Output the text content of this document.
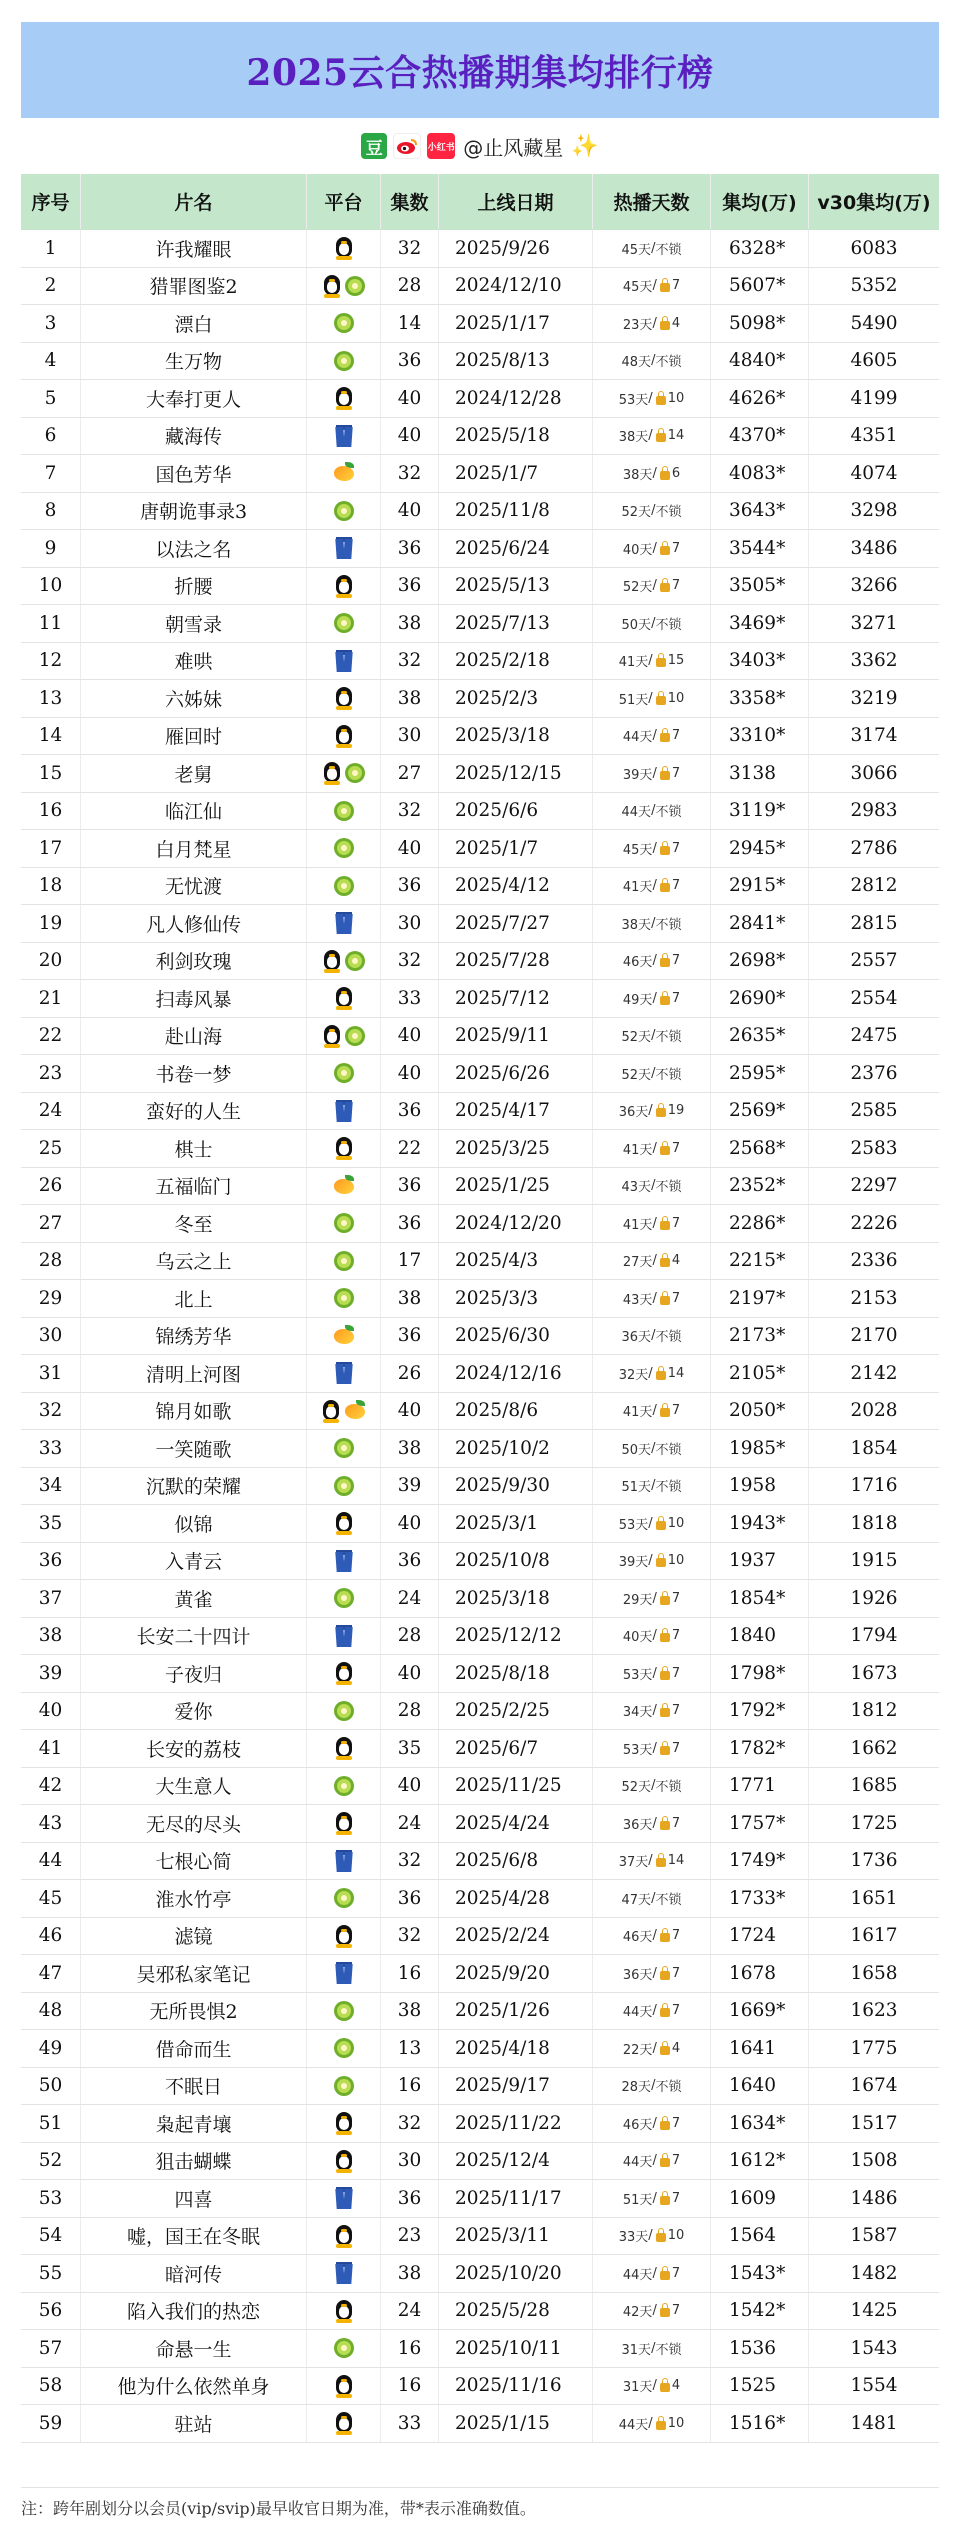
2025云合热播期集均排行榜
豆	小红书 @止风藏星 ✨
序号	片名	平台	集数	上线日期	热播天数	集均(万)	v30集均(万)
1	许我耀眼	32	2025/9/26	45天 / 不锁	6328*	6083
2	猎罪图鉴2	28	2024/12/10	45天 / 7	5607*	5352
3	漂白	14	2025/1/17	23天 / 4	5098*	5490
4	生万物	36	2025/8/13	48天 / 不锁	4840*	4605
5	大奉打更人	40	2024/12/28	53天 / 10	4626*	4199
6	藏海传	40	2025/5/18	38天 / 14	4370*	4351
7	国色芳华	32	2025/1/7	38天 / 6	4083*	4074
8	唐朝诡事录3	40	2025/11/8	52天 / 不锁	3643*	3298
9	以法之名	36	2025/6/24	40天 / 7	3544*	3486
10	折腰	36	2025/5/13	52天 / 7	3505*	3266
11	朝雪录	38	2025/7/13	50天 / 不锁	3469*	3271
12	难哄	32	2025/2/18	41天 / 15	3403*	3362
13	六姊妹	38	2025/2/3	51天 / 10	3358*	3219
14	雁回时	30	2025/3/18	44天 / 7	3310*	3174
15	老舅	27	2025/12/15	39天 / 7	3138	3066
16	临江仙	32	2025/6/6	44天 / 不锁	3119*	2983
17	白月梵星	40	2025/1/7	45天 / 7	2945*	2786
18	无忧渡	36	2025/4/12	41天 / 7	2915*	2812
19	凡人修仙传	30	2025/7/27	38天 / 不锁	2841*	2815
20	利剑玫瑰	32	2025/7/28	46天 / 7	2698*	2557
21	扫毒风暴	33	2025/7/12	49天 / 7	2690*	2554
22	赴山海	40	2025/9/11	52天 / 不锁	2635*	2475
23	书卷一梦	40	2025/6/26	52天 / 不锁	2595*	2376
24	蛮好的人生	36	2025/4/17	36天 / 19	2569*	2585
25	棋士	22	2025/3/25	41天 / 7	2568*	2583
26	五福临门	36	2025/1/25	43天 / 不锁	2352*	2297
27	冬至	36	2024/12/20	41天 / 7	2286*	2226
28	乌云之上	17	2025/4/3	27天 / 4	2215*	2336
29	北上	38	2025/3/3	43天 / 7	2197*	2153
30	锦绣芳华	36	2025/6/30	36天 / 不锁	2173*	2170
31	清明上河图	26	2024/12/16	32天 / 14	2105*	2142
32	锦月如歌	40	2025/8/6	41天 / 7	2050*	2028
33	一笑随歌	38	2025/10/2	50天 / 不锁	1985*	1854
34	沉默的荣耀	39	2025/9/30	51天 / 不锁	1958	1716
35	似锦	40	2025/3/1	53天 / 10	1943*	1818
36	入青云	36	2025/10/8	39天 / 10	1937	1915
37	黄雀	24	2025/3/18	29天 / 7	1854*	1926
38	长安二十四计	28	2025/12/12	40天 / 7	1840	1794
39	子夜归	40	2025/8/18	53天 / 7	1798*	1673
40	爱你	28	2025/2/25	34天 / 7	1792*	1812
41	长安的荔枝	35	2025/6/7	53天 / 7	1782*	1662
42	大生意人	40	2025/11/25	52天 / 不锁	1771	1685
43	无尽的尽头	24	2025/4/24	36天 / 7	1757*	1725
44	七根心简	32	2025/6/8	37天 / 14	1749*	1736
45	淮水竹亭	36	2025/4/28	47天 / 不锁	1733*	1651
46	滤镜	32	2025/2/24	46天 / 7	1724	1617
47	吴邪私家笔记	16	2025/9/20	36天 / 7	1678	1658
48	无所畏惧2	38	2025/1/26	44天 / 7	1669*	1623
49	借命而生	13	2025/4/18	22天 / 4	1641	1775
50	不眠日	16	2025/9/17	28天 / 不锁	1640	1674
51	枭起青壤	32	2025/11/22	46天 / 7	1634*	1517
52	狙击蝴蝶	30	2025/12/4	44天 / 7	1612*	1508
53	四喜	36	2025/11/17	51天 / 7	1609	1486
54	嘘，国王在冬眠	23	2025/3/11	33天 / 10	1564	1587
55	暗河传	38	2025/10/20	44天 / 7	1543*	1482
56	陷入我们的热恋	24	2025/5/28	42天 / 7	1542*	1425
57	命悬一生	16	2025/10/11	31天 / 不锁	1536	1543
58	他为什么依然单身	16	2025/11/16	31天 / 4	1525	1554
59	驻站	33	2025/1/15	44天 / 10	1516*	1481
注：跨年剧划分以会员(vip/svip)最早收官日期为准，带*表示准确数值。
